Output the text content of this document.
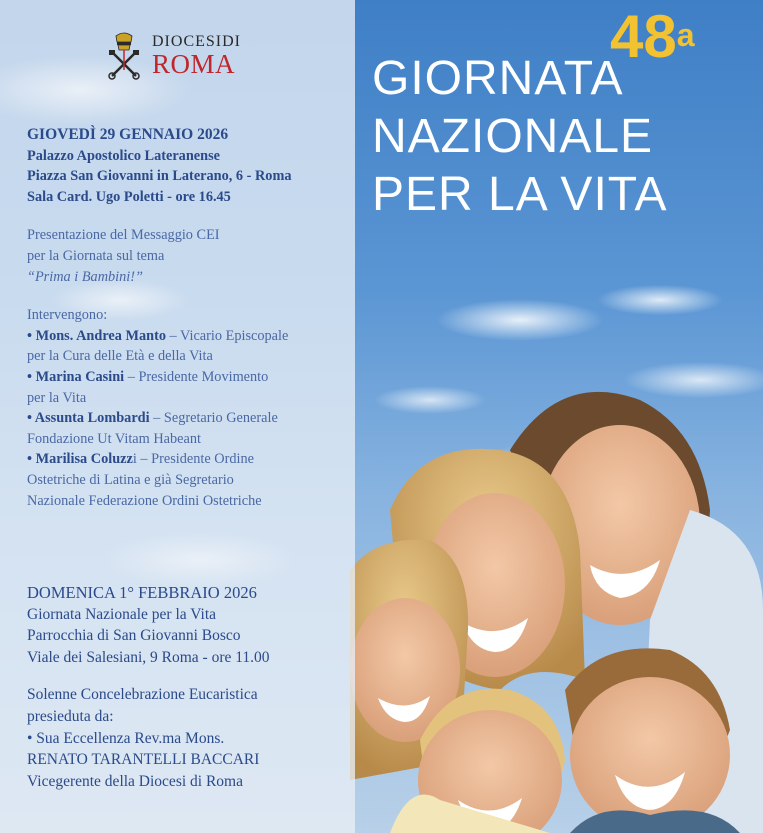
DIOCESIDI
ROMA	48$^a$
GIORNATA
NAZIONALE
PER LA VITA
GIOVEDÌ 29 GENNAIO 2026
Palazzo Apostolico Lateranense
Piazza San Giovanni in Laterano, 6 - Roma
Sala Card. Ugo Poletti - ore 16.45
Presentazione del Messaggio CEI
per la Giornata sul tema
“Prima i Bambini!”
Intervengono:
• Mons. Andrea Manto – Vicario Episcopale
per la Cura delle Età e della Vita
• Marina Casini – Presidente Movimento
per la Vita
• Assunta Lombardi – Segretario Generale
Fondazione Ut Vitam Habeant
• Marilisa Coluzzi – Presidente Ordine
Ostetriche di Latina e già Segretario
Nazionale Federazione Ordini Ostetriche
DOMENICA 1° FEBBRAIO 2026
Giornata Nazionale per la Vita
Parrocchia di San Giovanni Bosco
Viale dei Salesiani, 9 Roma - ore 11.00
Solenne Concelebrazione Eucaristica
presieduta da:
• Sua Eccellenza Rev.ma Mons.
RENATO TARANTELLI BACCARI
Vicegerente della Diocesi di Roma
